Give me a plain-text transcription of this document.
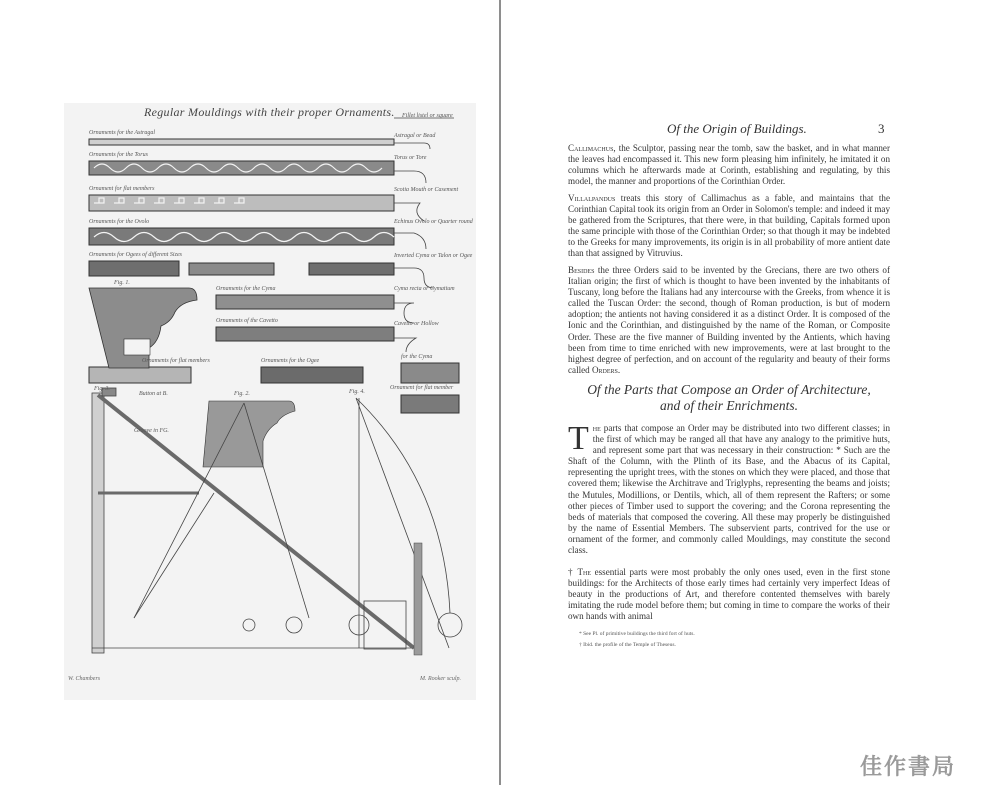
Regular Mouldings with their proper Ornaments.
Ornaments for the Astragal
Ornaments for the Torus
Ornament for flat members
Ornaments for the Ovolo
Ornaments for Ogees of different Sizes
Fig. 1.
Ornaments for the Cyma
Ornaments of the Cavetto
Ornaments for flat members	Ornaments for the Ogee
for the Cyma
Ornament for flat member
Fig. 3.
Button at B.
Groove in FG.
Fig. 2.	Fig. 4.
Fillet listel or square
Astragal or Bead
Torus or Tore
Scotia Mouth or Casement
Echinus Ovolo or Quarter round
Inverted Cyma or Talon or Ogee
Cyma recta or Cymatium
Cavetto or Hollow
W. Chambers	M. Rooker sculp.
Of the Origin of Buildings.	3
Callimachus, the Sculptor, passing near the tomb, saw the basket, and in what manner the leaves had encompassed it. This new form pleasing him infinitely, he imitated it on columns which he afterwards made at Corinth, establishing and regulating, by this model, the manner and proportions of the Corinthian Order.
Villalpandus treats this story of Callimachus as a fable, and maintains that the Corinthian Capital took its origin from an Order in Solomon's temple: and indeed it may be gathered from the Scriptures, that there were, in that building, Capitals formed upon the same principle with those of the Corinthian Order; so that though it may be indebted to the Greeks for many improvements, its origin is in all probability of more antient date than that assigned by Vitruvius.
Besides the three Orders said to be invented by the Grecians, there are two others of Italian origin; the first of which is thought to have been invented by the inhabitants of Tuscany, long before the Italians had any intercourse with the Greeks, from whence it is called the Tuscan Order: the second, though of Roman production, is but of modern adoption; the antients not having considered it as a distinct Order. It is composed of the Ionic and the Corinthian, and distinguished by the name of the Roman, or Composite Order. These are the five manner of Building invented by the Antients, which having been from time to time enriched with new improvements, were at last brought to the highest degree of perfection, and on account of the regularity and beauty of their forms called Orders.
Of the Parts that Compose an Order of Architecture,
and of their Enrichments.
The parts that compose an Order may be distributed into two different classes; in the first of which may be ranged all that have any analogy to the primitive huts, and represent some part that was necessary in their construction: * Such are the Shaft of the Column, with the Plinth of its Base, and the Abacus of its Capital, representing the upright trees, with the stones on which they were placed, and those that covered them; likewise the Architrave and Triglyphs, representing the beams and joists; the Mutules, Modillions, or Dentils, which, all of them represent the Rafters; or some other pieces of Timber used to support the covering; and the Corona representing the beds of materials that composed the covering. All these may properly be distinguished by the name of Essential Members. The subservient parts, contrived for the use or ornament of the former, and commonly called Mouldings, may constitute the second class.
† The essential parts were most probably the only ones used, even in the first stone buildings: for the Architects of those early times had certainly very imperfect Ideas of beauty in the productions of Art, and therefore contented themselves with barely imitating the rude model before them; but coming in time to compare the works of their own hands with animal
* See Pl. of primitive buildings the third fort of huts.
† Ibid. the profile of the Temple of Theseus.
佳作書局
